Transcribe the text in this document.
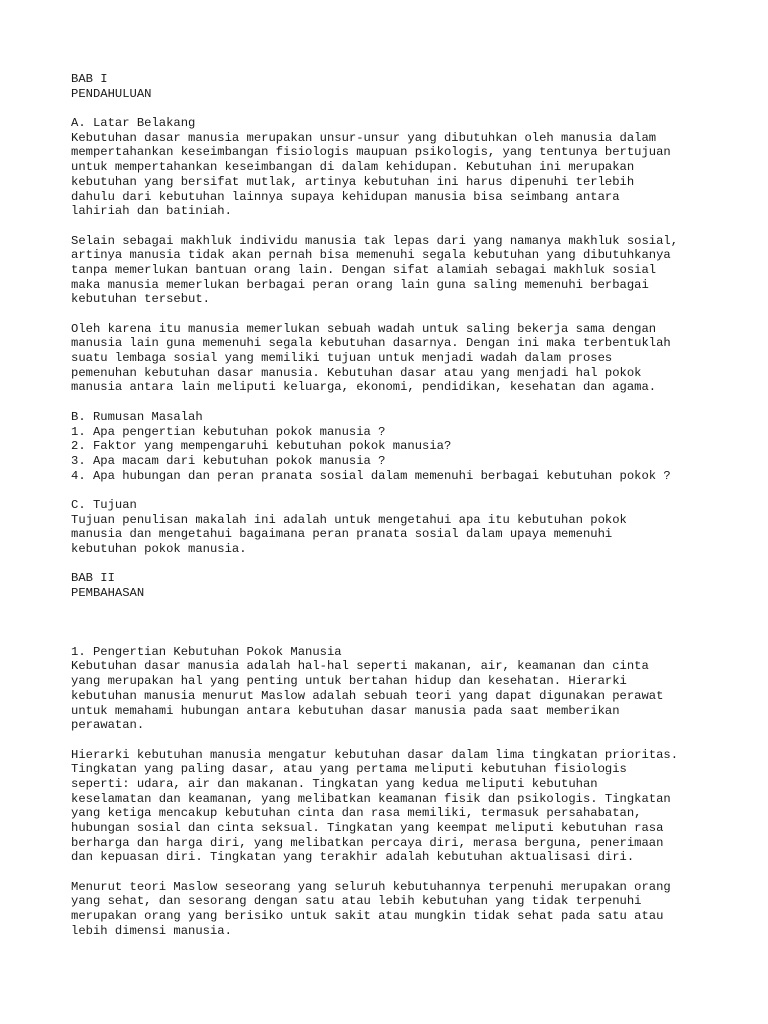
BAB I
PENDAHULUAN
A. Latar Belakang
Kebutuhan dasar manusia merupakan unsur-unsur yang dibutuhkan oleh manusia dalam
mempertahankan keseimbangan fisiologis maupuan psikologis, yang tentunya bertujuan
untuk mempertahankan keseimbangan di dalam kehidupan. Kebutuhan ini merupakan
kebutuhan yang bersifat mutlak, artinya kebutuhan ini harus dipenuhi terlebih
dahulu dari kebutuhan lainnya supaya kehidupan manusia bisa seimbang antara
lahiriah dan batiniah.
Selain sebagai makhluk individu manusia tak lepas dari yang namanya makhluk sosial,
artinya manusia tidak akan pernah bisa memenuhi segala kebutuhan yang dibutuhkanya
tanpa memerlukan bantuan orang lain. Dengan sifat alamiah sebagai makhluk sosial
maka manusia memerlukan berbagai peran orang lain guna saling memenuhi berbagai
kebutuhan tersebut.
Oleh karena itu manusia memerlukan sebuah wadah untuk saling bekerja sama dengan
manusia lain guna memenuhi segala kebutuhan dasarnya. Dengan ini maka terbentuklah
suatu lembaga sosial yang memiliki tujuan untuk menjadi wadah dalam proses
pemenuhan kebutuhan dasar manusia. Kebutuhan dasar atau yang menjadi hal pokok
manusia antara lain meliputi keluarga, ekonomi, pendidikan, kesehatan dan agama.
B. Rumusan Masalah
1. Apa pengertian kebutuhan pokok manusia ?
2. Faktor yang mempengaruhi kebutuhan pokok manusia?
3. Apa macam dari kebutuhan pokok manusia ?
4. Apa hubungan dan peran pranata sosial dalam memenuhi berbagai kebutuhan pokok ?
C. Tujuan
Tujuan penulisan makalah ini adalah untuk mengetahui apa itu kebutuhan pokok
manusia dan mengetahui bagaimana peran pranata sosial dalam upaya memenuhi
kebutuhan pokok manusia.
BAB II
PEMBAHASAN
1. Pengertian Kebutuhan Pokok Manusia
Kebutuhan dasar manusia adalah hal-hal seperti makanan, air, keamanan dan cinta
yang merupakan hal yang penting untuk bertahan hidup dan kesehatan. Hierarki
kebutuhan manusia menurut Maslow adalah sebuah teori yang dapat digunakan perawat
untuk memahami hubungan antara kebutuhan dasar manusia pada saat memberikan
perawatan.
Hierarki kebutuhan manusia mengatur kebutuhan dasar dalam lima tingkatan prioritas.
Tingkatan yang paling dasar, atau yang pertama meliputi kebutuhan fisiologis
seperti: udara, air dan makanan. Tingkatan yang kedua meliputi kebutuhan
keselamatan dan keamanan, yang melibatkan keamanan fisik dan psikologis. Tingkatan
yang ketiga mencakup kebutuhan cinta dan rasa memiliki, termasuk persahabatan,
hubungan sosial dan cinta seksual. Tingkatan yang keempat meliputi kebutuhan rasa
berharga dan harga diri, yang melibatkan percaya diri, merasa berguna, penerimaan
dan kepuasan diri. Tingkatan yang terakhir adalah kebutuhan aktualisasi diri.
Menurut teori Maslow seseorang yang seluruh kebutuhannya terpenuhi merupakan orang
yang sehat, dan sesorang dengan satu atau lebih kebutuhan yang tidak terpenuhi
merupakan orang yang berisiko untuk sakit atau mungkin tidak sehat pada satu atau
lebih dimensi manusia.
